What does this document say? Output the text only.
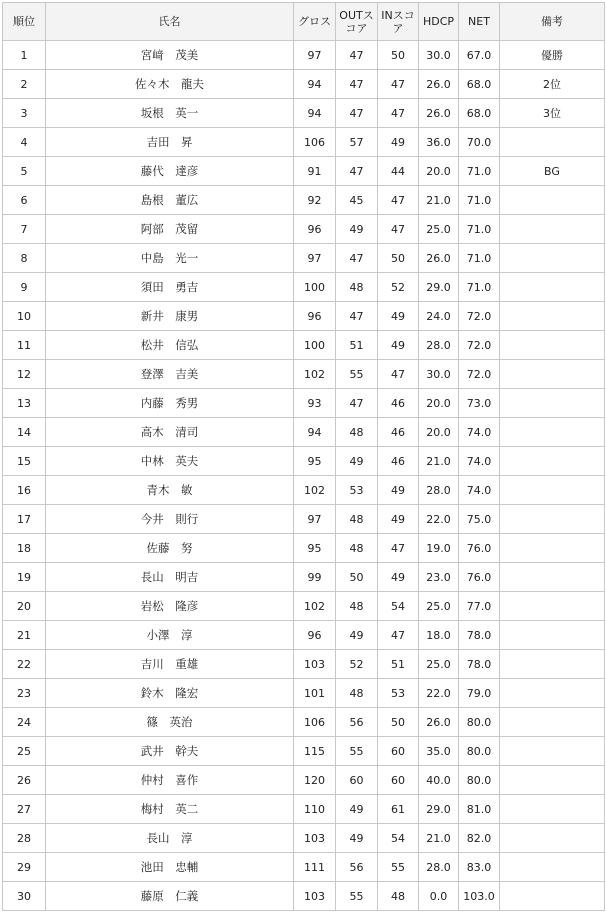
順位	氏名	グロス	OUTスコア	INスコア	HDCP	NET	備考
1	宮﨑　茂美	97	47	50	30.0	67.0	優勝
2	佐々木　龍夫	94	47	47	26.0	68.0	2位
3	坂根　英一	94	47	47	26.0	68.0	3位
4	吉田　昇	106	57	49	36.0	70.0	
5	藤代　達彦	91	47	44	20.0	71.0	BG
6	島根　董広	92	45	47	21.0	71.0	
7	阿部　茂留	96	49	47	25.0	71.0	
8	中島　光一	97	47	50	26.0	71.0	
9	須田　勇吉	100	48	52	29.0	71.0	
10	新井　康男	96	47	49	24.0	72.0	
11	松井　信弘	100	51	49	28.0	72.0	
12	登澤　吉美	102	55	47	30.0	72.0	
13	内藤　秀男	93	47	46	20.0	73.0	
14	高木　清司	94	48	46	20.0	74.0	
15	中林　英夫	95	49	46	21.0	74.0	
16	青木　敏	102	53	49	28.0	74.0	
17	今井　則行	97	48	49	22.0	75.0	
18	佐藤　努	95	48	47	19.0	76.0	
19	長山　明吉	99	50	49	23.0	76.0	
20	岩松　隆彦	102	48	54	25.0	77.0	
21	小澤　淳	96	49	47	18.0	78.0	
22	吉川　重雄	103	52	51	25.0	78.0	
23	鈴木　隆宏	101	48	53	22.0	79.0	
24	篠　英治	106	56	50	26.0	80.0	
25	武井　幹夫	115	55	60	35.0	80.0	
26	仲村　喜作	120	60	60	40.0	80.0	
27	梅村　英二	110	49	61	29.0	81.0	
28	長山　淳	103	49	54	21.0	82.0	
29	池田　忠輔	111	56	55	28.0	83.0	
30	藤原　仁義	103	55	48	0.0	103.0	
